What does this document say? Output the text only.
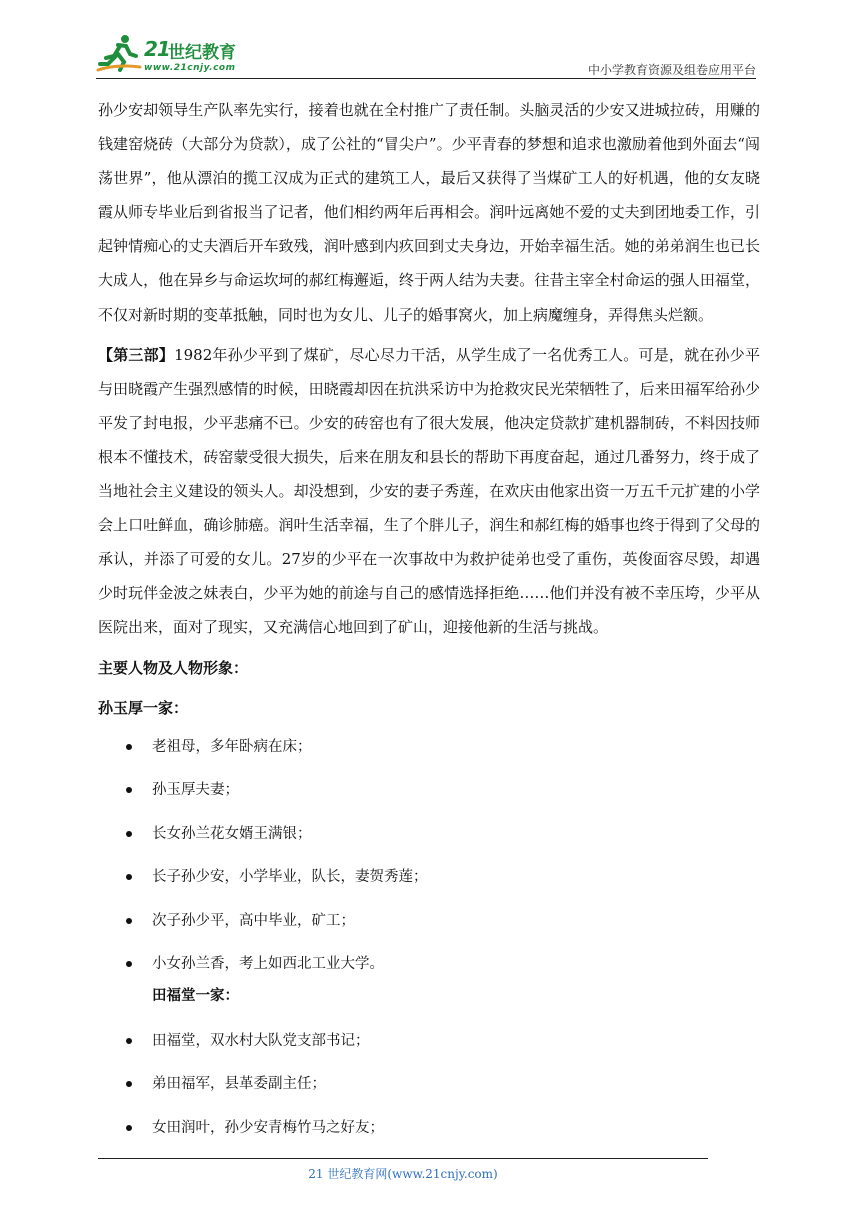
21
世纪教育
www.21cnjy.com	中小学教育资源及组卷应用平台

孙少安却领导生产队率先实行，接着也就在全村推广了责任制。头脑灵活的少安又进城拉砖，用赚的钱建窑烧砖（大部分为贷款），成了公社的“冒尖户”。少平青春的梦想和追求也激励着他到外面去“闯荡世界”，他从漂泊的揽工汉成为正式的建筑工人，最后又获得了当煤矿工人的好机遇，他的女友晓霞从师专毕业后到省报当了记者，他们相约两年后再相会。润叶远离她不爱的丈夫到团地委工作，引起钟情痴心的丈夫酒后开车致残，润叶感到内疚回到丈夫身边，开始幸福生活。她的弟弟润生也已长大成人，他在异乡与命运坎坷的郝红梅邂逅，终于两人结为夫妻。往昔主宰全村命运的强人田福堂，不仅对新时期的变革抵触，同时也为女儿、儿子的婚事窝火，加上病魔缠身，弄得焦头烂额。

【第三部】1982年孙少平到了煤矿，尽心尽力干活，从学生成了一名优秀工人。可是，就在孙少平与田晓霞产生强烈感情的时候，田晓霞却因在抗洪采访中为抢救灾民光荣牺牲了，后来田福军给孙少平发了封电报，少平悲痛不已。少安的砖窑也有了很大发展，他决定贷款扩建机器制砖，不料因技师根本不懂技术，砖窑蒙受很大损失，后来在朋友和县长的帮助下再度奋起，通过几番努力，终于成了当地社会主义建设的领头人。却没想到，少安的妻子秀莲，在欢庆由他家出资一万五千元扩建的小学会上口吐鲜血，确诊肺癌。润叶生活幸福，生了个胖儿子，润生和郝红梅的婚事也终于得到了父母的承认，并添了可爱的女儿。27岁的少平在一次事故中为救护徒弟也受了重伤，英俊面容尽毁，却遇少时玩伴金波之妹表白，少平为她的前途与自己的感情选择拒绝……他们并没有被不幸压垮，少平从医院出来，面对了现实，又充满信心地回到了矿山，迎接他新的生活与挑战。

主要人物及人物形象：
孙玉厚一家：
老祖母，多年卧病在床；
孙玉厚夫妻；
长女孙兰花女婿王满银；
长子孙少安，小学毕业，队长，妻贺秀莲；
次子孙少平，高中毕业，矿工；
小女孙兰香，考上如西北工业大学。
田福堂一家：
田福堂，双水村大队党支部书记；
弟田福军，县革委副主任；
女田润叶，孙少安青梅竹马之好友；
21 世纪教育网(www.21cnjy.com)
